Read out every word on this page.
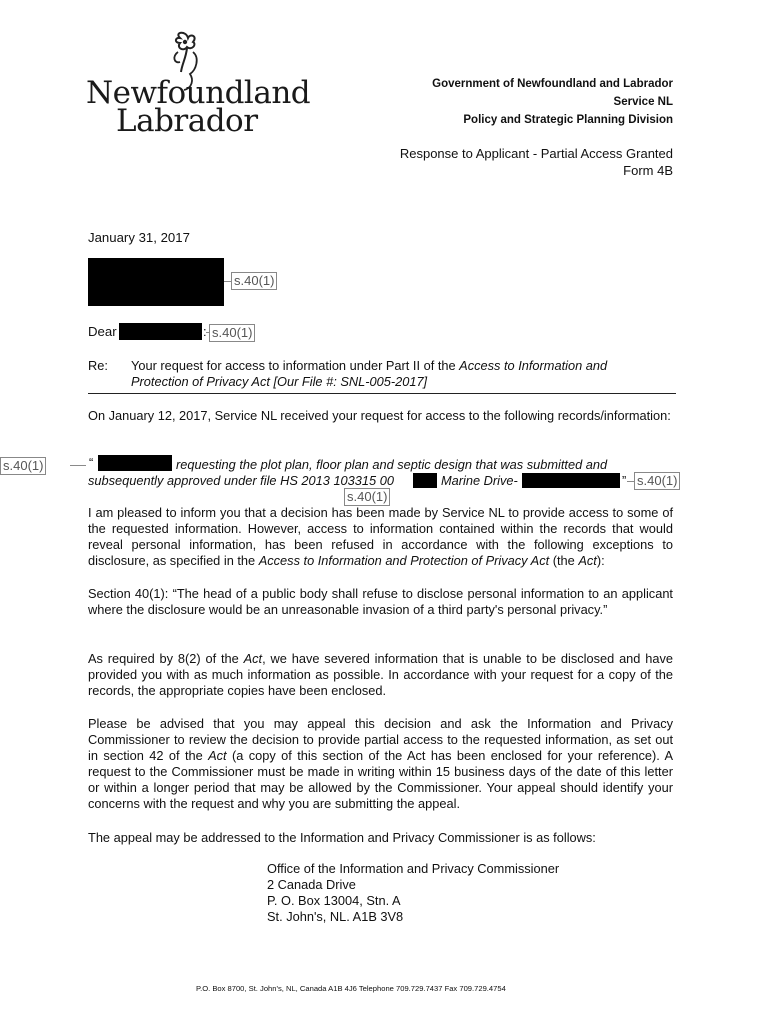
Newfoundland
Labrador
Government of Newfoundland and Labrador
Service NL
Policy and Strategic Planning Division
Response to Applicant - Partial Access Granted
Form 4B
January 31, 2017
s.40(1)
Dear	: s.40(1)
Re: Your request for access to information under Part II of the Access to Information and
Protection of Privacy Act [Our File #: SNL-005-2017]
On January 12, 2017, Service NL received your request for access to the following records/information:
s.40(1)	“	requesting the plot plan, floor plan and septic design that was submitted and
subsequently approved under file HS 2013 103315 00	Marine Drive-	” s.40(1)
s.40(1)
I am pleased to inform you that a decision has been made by Service NL to provide access to some of the requested information. However, access to information contained within the records that would reveal personal information, has been refused in accordance with the following exceptions to disclosure, as specified in the Access to Information and Protection of Privacy Act (the Act):
Section 40(1): “The head of a public body shall refuse to disclose personal information to an applicant where the disclosure would be an unreasonable invasion of a third party's personal privacy.”
As required by 8(2) of the Act, we have severed information that is unable to be disclosed and have provided you with as much information as possible. In accordance with your request for a copy of the records, the appropriate copies have been enclosed.
Please be advised that you may appeal this decision and ask the Information and Privacy Commissioner to review the decision to provide partial access to the requested information, as set out in section 42 of the Act (a copy of this section of the Act has been enclosed for your reference). A request to the Commissioner must be made in writing within 15 business days of the date of this letter or within a longer period that may be allowed by the Commissioner. Your appeal should identify your concerns with the request and why you are submitting the appeal.
The appeal may be addressed to the Information and Privacy Commissioner is as follows:
Office of the Information and Privacy Commissioner
2 Canada Drive
P. O. Box 13004, Stn. A
St. John's, NL. A1B 3V8
P.O. Box 8700, St. John's, NL, Canada A1B 4J6 Telephone 709.729.7437 Fax 709.729.4754
